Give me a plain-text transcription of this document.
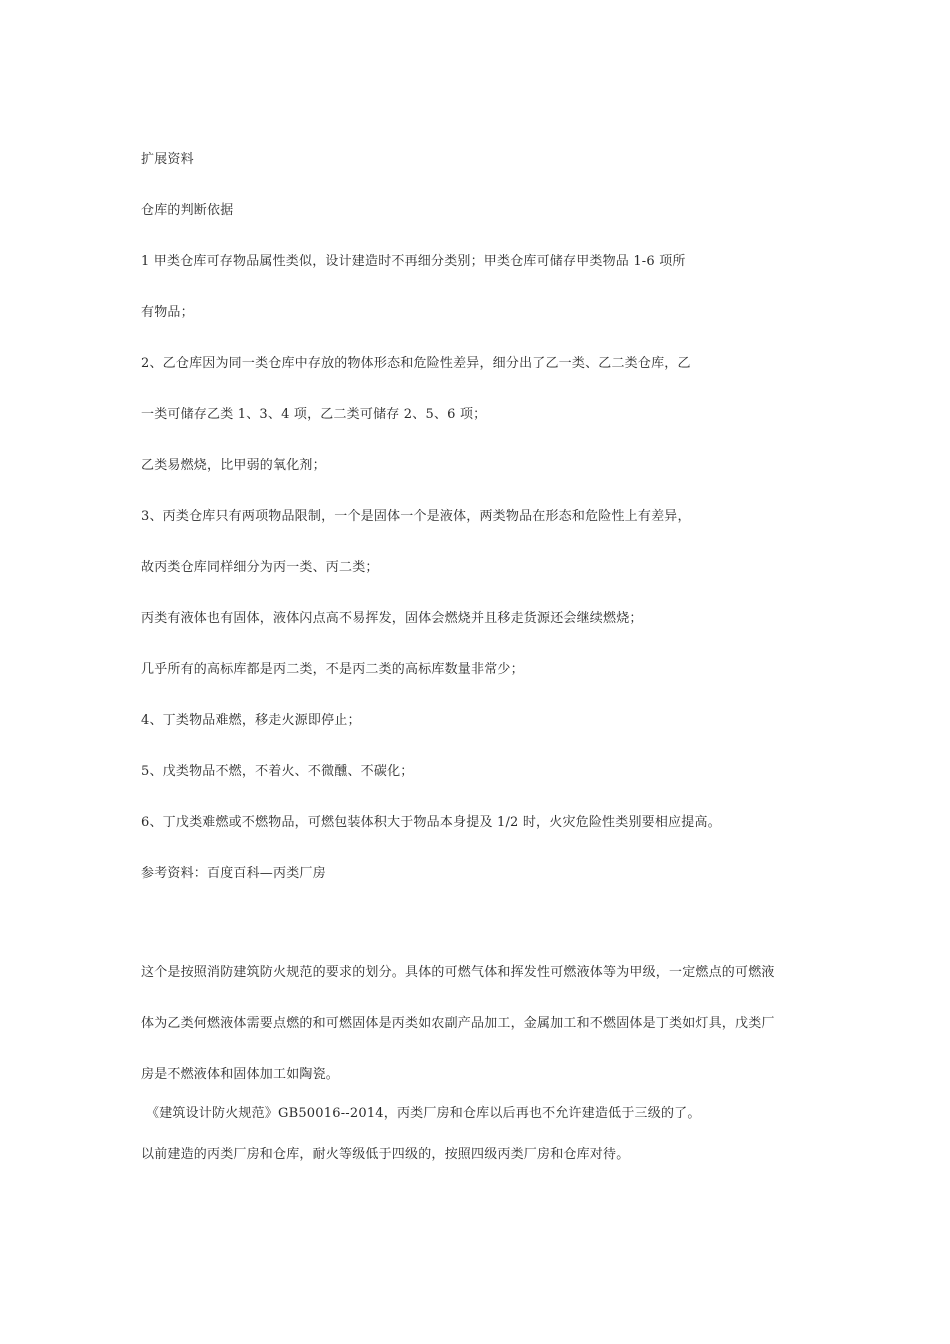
扩展资料
仓库的判断依据
1 甲类仓库可存物品属性类似，设计建造时不再细分类别；甲类仓库可储存甲类物品 1-6 项所
有物品；
2、乙仓库因为同一类仓库中存放的物体形态和危险性差异，细分出了乙一类、乙二类仓库，乙
一类可储存乙类 1、3、4 项，乙二类可储存 2、5、6 项；
乙类易燃烧，比甲弱的氧化剂；
3、丙类仓库只有两项物品限制，一个是固体一个是液体，两类物品在形态和危险性上有差异，
故丙类仓库同样细分为丙一类、丙二类；
丙类有液体也有固体，液体闪点高不易挥发，固体会燃烧并且移走货源还会继续燃烧；
几乎所有的高标库都是丙二类，不是丙二类的高标库数量非常少；
4、丁类物品难燃，移走火源即停止；
5、戊类物品不燃，不着火、不微醺、不碳化；
6、丁戊类难燃或不燃物品，可燃包装体积大于物品本身提及 1/2 时，火灾危险性类别要相应提高。
参考资料：百度百科—丙类厂房
这个是按照消防建筑防火规范的要求的划分。具体的可燃气体和挥发性可燃液体等为甲级，一定燃点的可燃液
体为乙类何燃液体需要点燃的和可燃固体是丙类如农副产品加工，金属加工和不燃固体是丁类如灯具，戊类厂
房是不燃液体和固体加工如陶瓷。
《建筑设计防火规范》GB50016--2014，丙类厂房和仓库以后再也不允许建造低于三级的了。
以前建造的丙类厂房和仓库，耐火等级低于四级的，按照四级丙类厂房和仓库对待。
